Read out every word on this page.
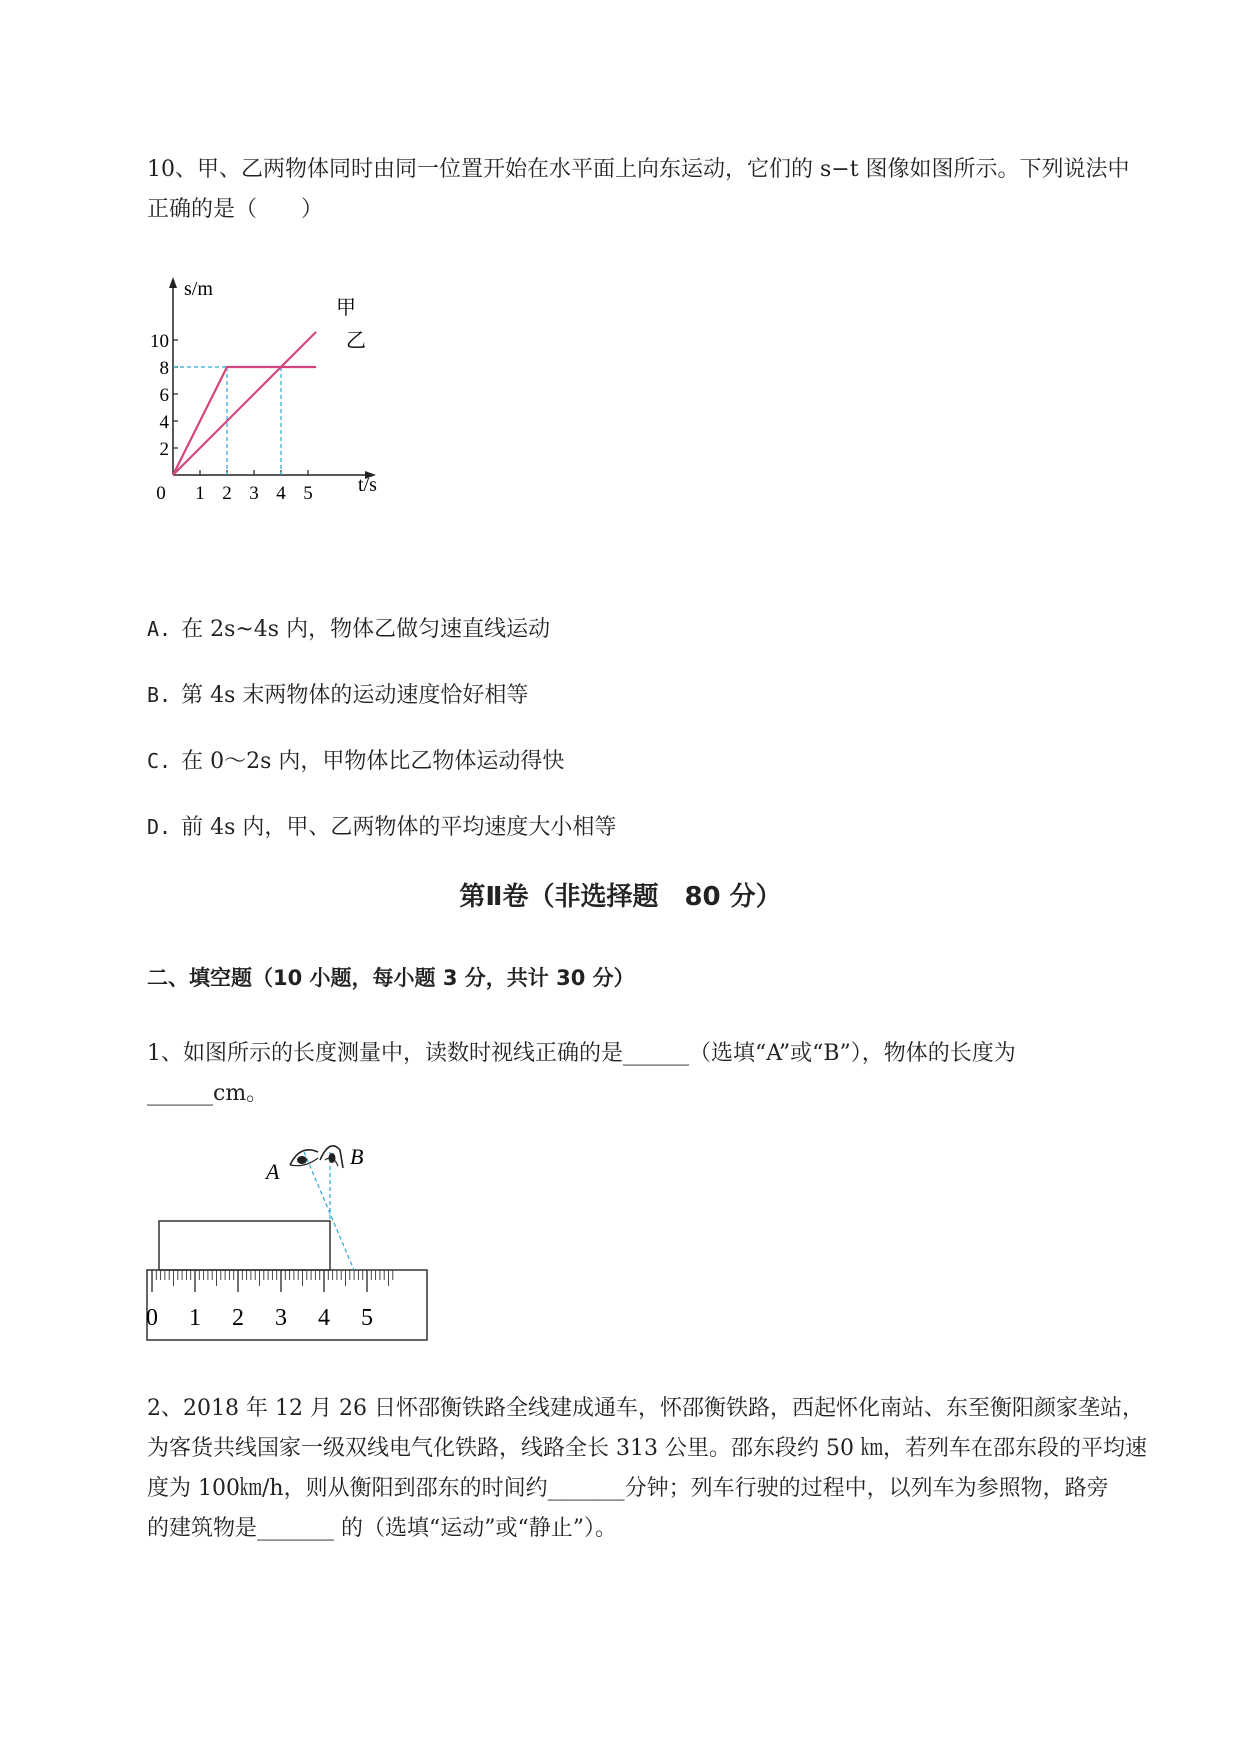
10、甲、乙两物体同时由同一位置开始在水平面上向东运动，它们的 s−t 图像如图所示。下列说法中
正确的是（　　）
s/m
t/s
2
4
6
8
10
0 1 2 3 4 5
甲
乙
A. 在 2s~4s 内，物体乙做匀速直线运动
B. 第 4s 末两物体的运动速度恰好相等
C. 在 0～2s 内，甲物体比乙物体运动得快
D. 前 4s 内，甲、乙两物体的平均速度大小相等
第Ⅱ卷（非选择题　80 分）
二、填空题（10 小题，每小题 3 分，共计 30 分）
1、如图所示的长度测量中，读数时视线正确的是______（选填“A”或“B”），物体的长度为
______cm。
0 1 2 3 4 5
A
B
2、2018 年 12 月 26 日怀邵衡铁路全线建成通车，怀邵衡铁路，西起怀化南站、东至衡阳颜家垄站，
为客货共线国家一级双线电气化铁路，线路全长 313 公里。邵东段约 50 ㎞，若列车在邵东段的平均速
度为 100㎞/h，则从衡阳到邵东的时间约_______分钟；列车行驶的过程中，以列车为参照物，路旁
的建筑物是_______ 的（选填“运动”或“静止”）。
